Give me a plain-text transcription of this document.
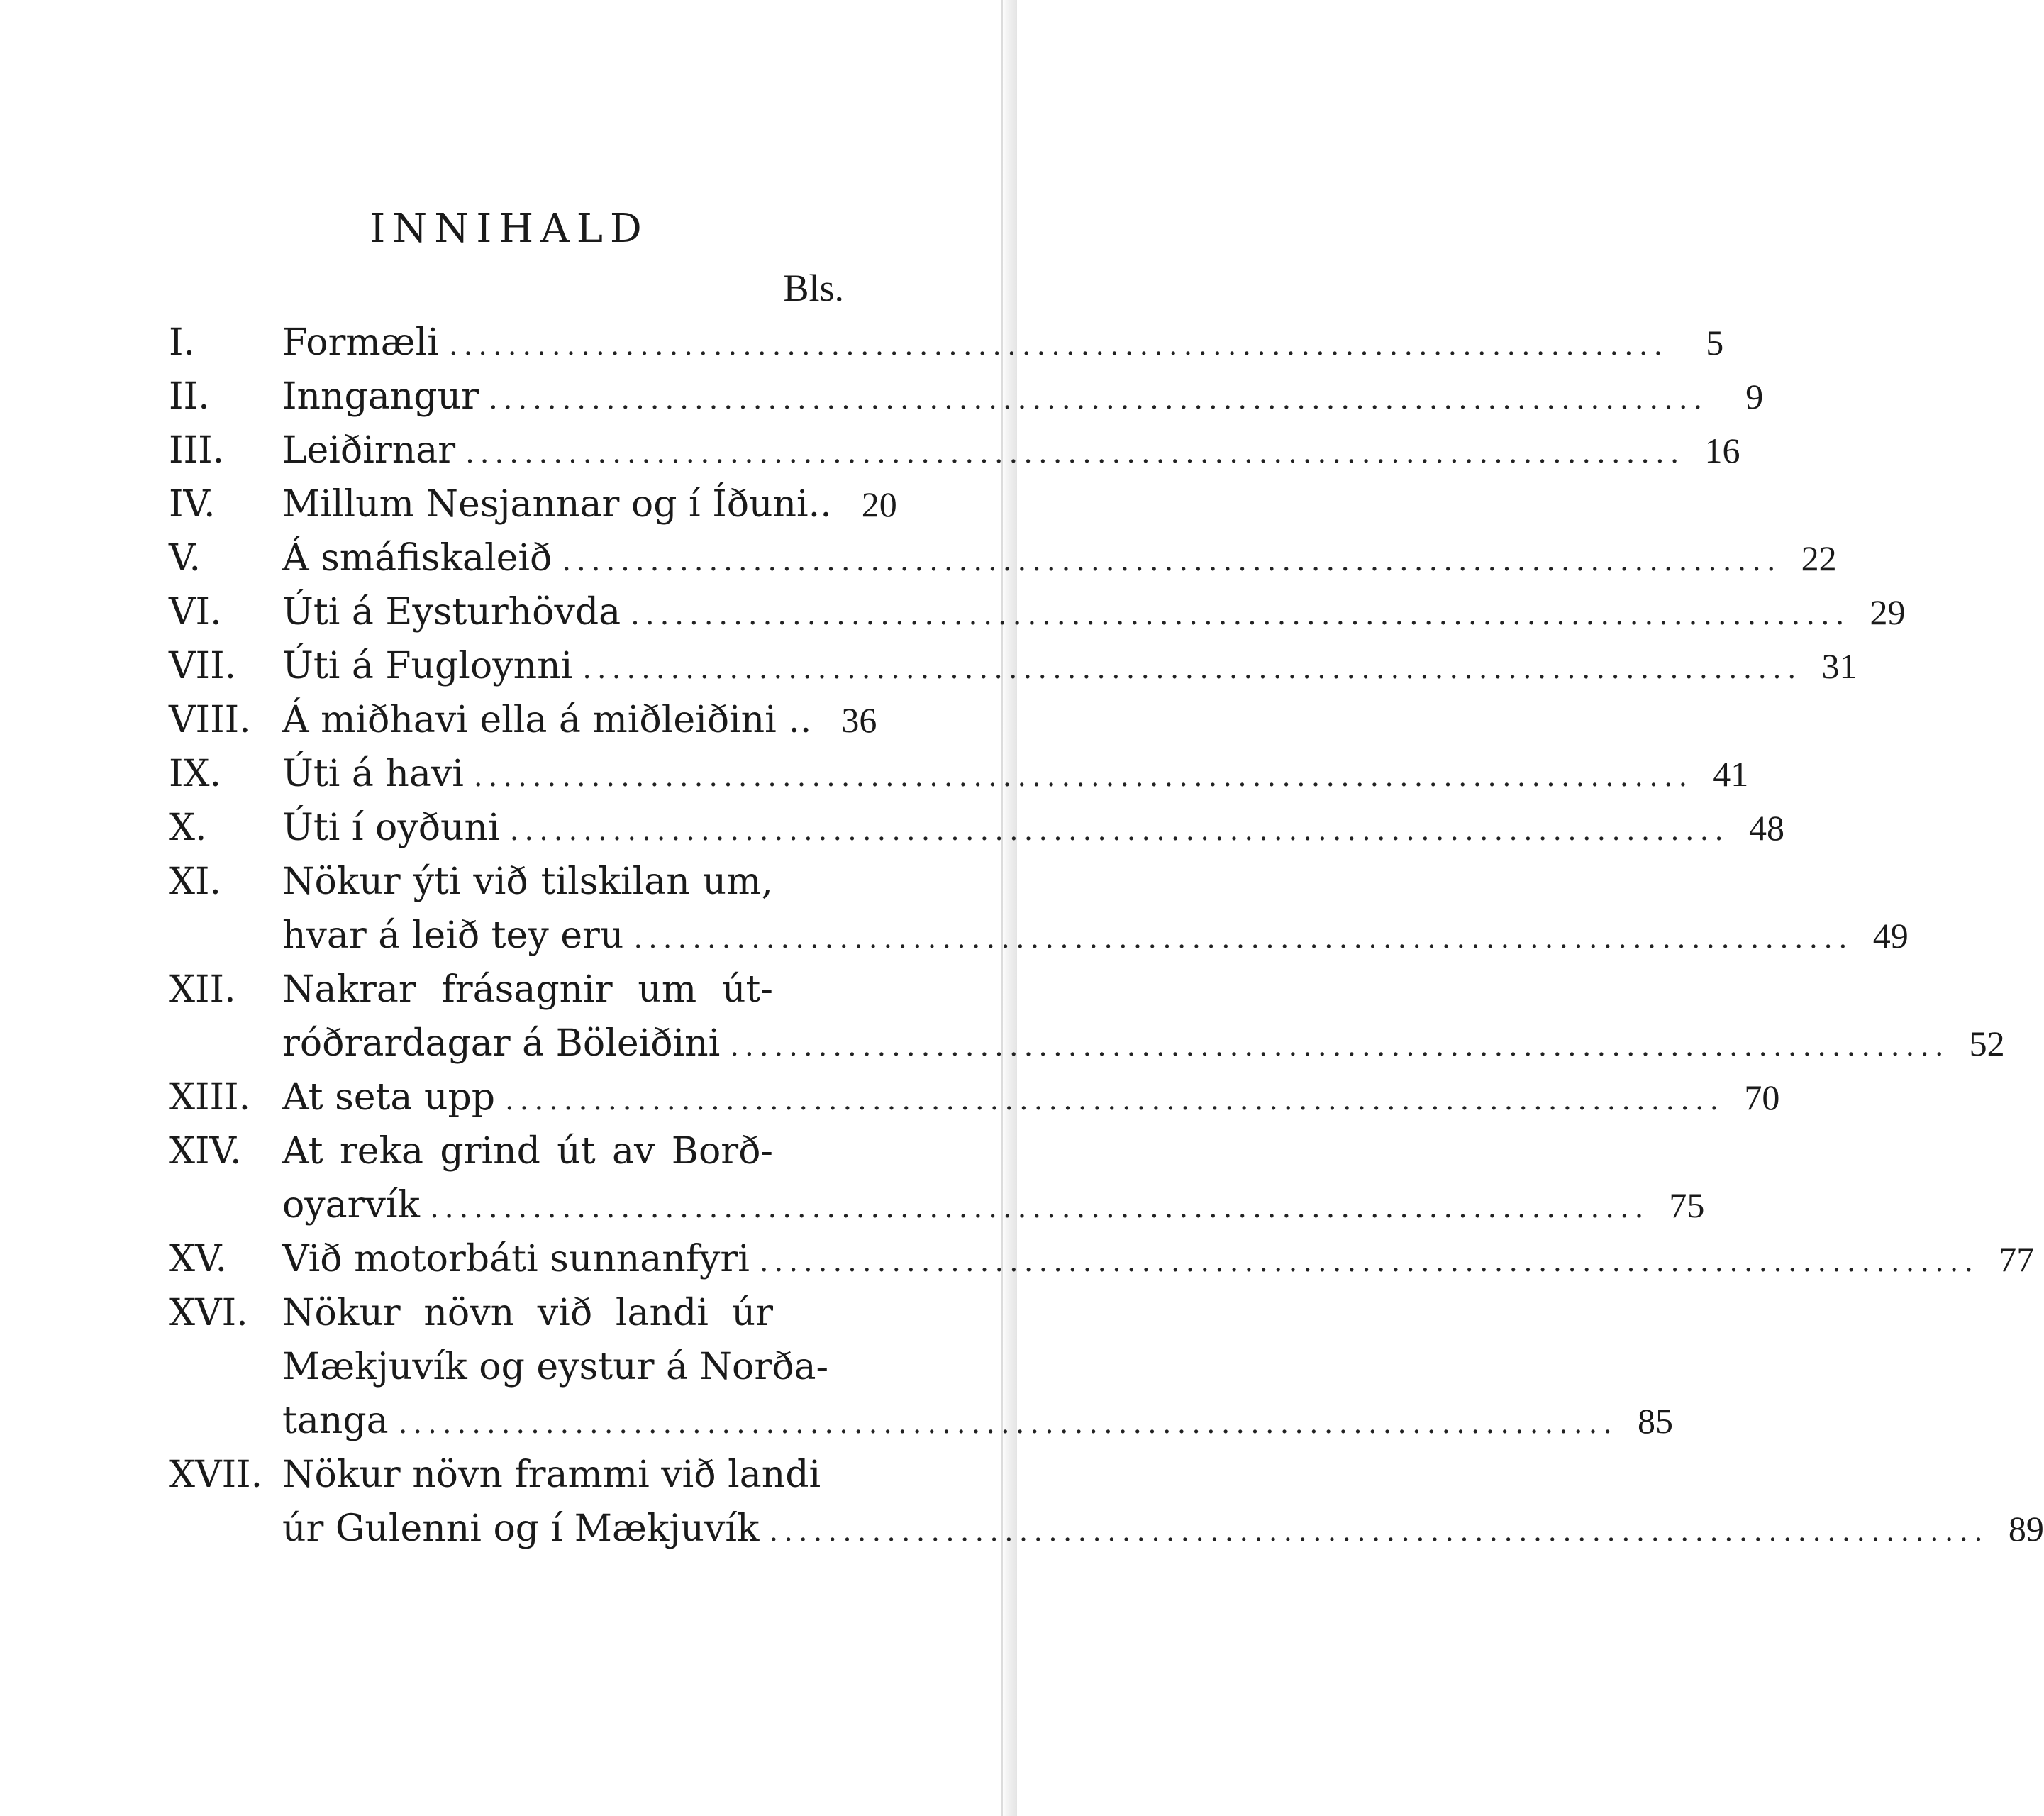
INNIHALD
Bls.
I. Formæli ...................................................................................	5
II. Inngangur ...................................................................................	9
III. Leiðirnar ................................................................................... 16
IV. Millum Nesjannar og í Íðuni.. 20
V. Á smáfiskaleið ................................................................................... 22
VI. Úti á Eysturhövda ................................................................................... 29
VII. Úti á Fugloynni ................................................................................... 31
VIII. Á miðhavi ella á miðleiðini .. 36
IX. Úti á havi ................................................................................... 41
X. Úti í oyðuni ................................................................................... 48
XI. Nökur ýti við tilskilan um,
hvar á leið tey eru ................................................................................... 49
XII. Nakrar frásagnir um út-
róðrardagar á Böleiðini ................................................................................... 52
XIII. At seta upp ................................................................................... 70
XIV. At reka grind út av Borð-
oyarvík ................................................................................... 75
XV. Við motorbáti sunnanfyri ................................................................................... 77
XVI. Nökur növn við landi úr
Mækjuvík og eystur á Norða-
tanga ................................................................................... 85
XVII. Nökur növn frammi við landi
úr Gulenni og í Mækjuvík ................................................................................... 89
